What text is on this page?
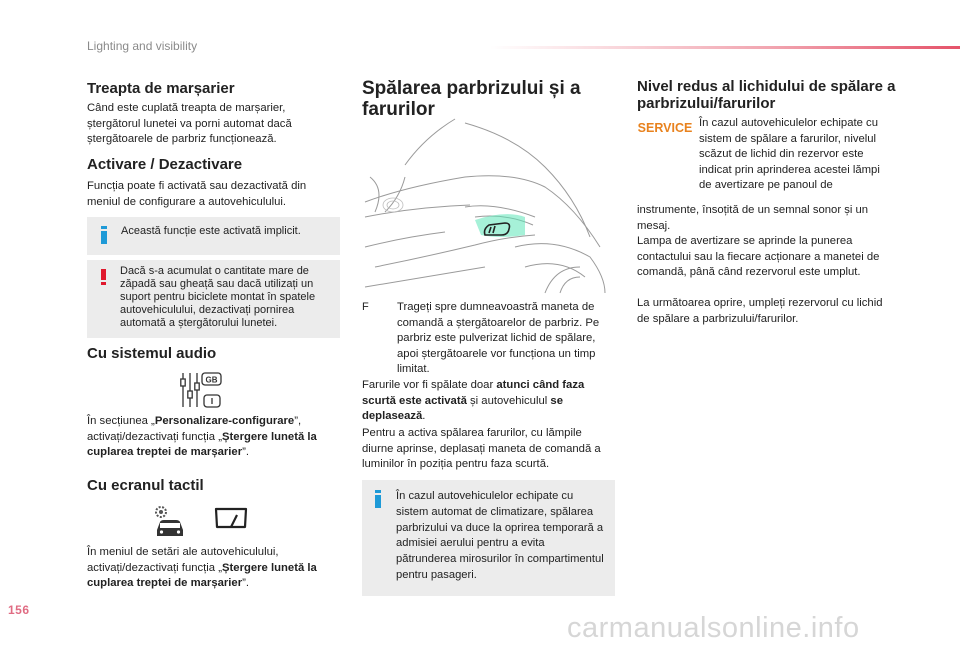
Lighting and visibility
Treapta de marșarier

Când este cuplată treapta de marșarier, ștergătorul lunetei va porni automat dacă ștergătoarele de parbriz funcționează.

Activare / Dezactivare

Funcția poate fi activată sau dezactivată din meniul de configurare a autovehiculului.

Această funcție este activată implicit.
Dacă s-a acumulat o cantitate mare de zăpadă sau gheață sau dacă utilizați un suport pentru biciclete montat în spatele autovehiculului, dezactivați pornirea automată a ștergătorului lunetei.
Cu sistemul audio
GB

În secțiunea „Personalizare-configurare”, activați/dezactivați funcția „Ștergere lunetă la cuplarea treptei de marșarier”.

Cu ecranul tactil

În meniul de setări ale autovehiculului, activați/dezactivați funcția „Ștergere lunetă la cuplarea treptei de marșarier”.

Spălarea parbrizului și a farurilor
F	Trageți spre dumneavoastră maneta de comandă a ștergătoarelor de parbriz. Pe parbriz este pulverizat lichid de spălare, apoi ștergătoarele vor funcționa un timp limitat.

Farurile vor fi spălate doar atunci când faza scurtă este activată și autovehiculul se deplasează.

Pentru a activa spălarea farurilor, cu lămpile diurne aprinse, deplasați maneta de comandă a luminilor în poziția pentru faza scurtă.

În cazul autovehiculelor echipate cu sistem automat de climatizare, spălarea parbrizului va duce la oprirea temporară a admisiei aerului pentru a evita pătrunderea mirosurilor în compartimentul pentru pasageri.
Nivel redus al lichidului de spălare a parbrizului/farurilor
SERVICE În cazul autovehiculelor echipate cu sistem de spălare a farurilor, nivelul scăzut de lichid din rezervor este indicat prin aprinderea acestei lămpi de avertizare pe panoul de

instrumente, însoțită de un semnal sonor și un mesaj.

Lampa de avertizare se aprinde la punerea contactului sau la fiecare acționare a manetei de comandă, până când rezervorul este umplut.

La următoarea oprire, umpleți rezervorul cu lichid de spălare a parbrizului/farurilor.

156
carmanualsonline.info
